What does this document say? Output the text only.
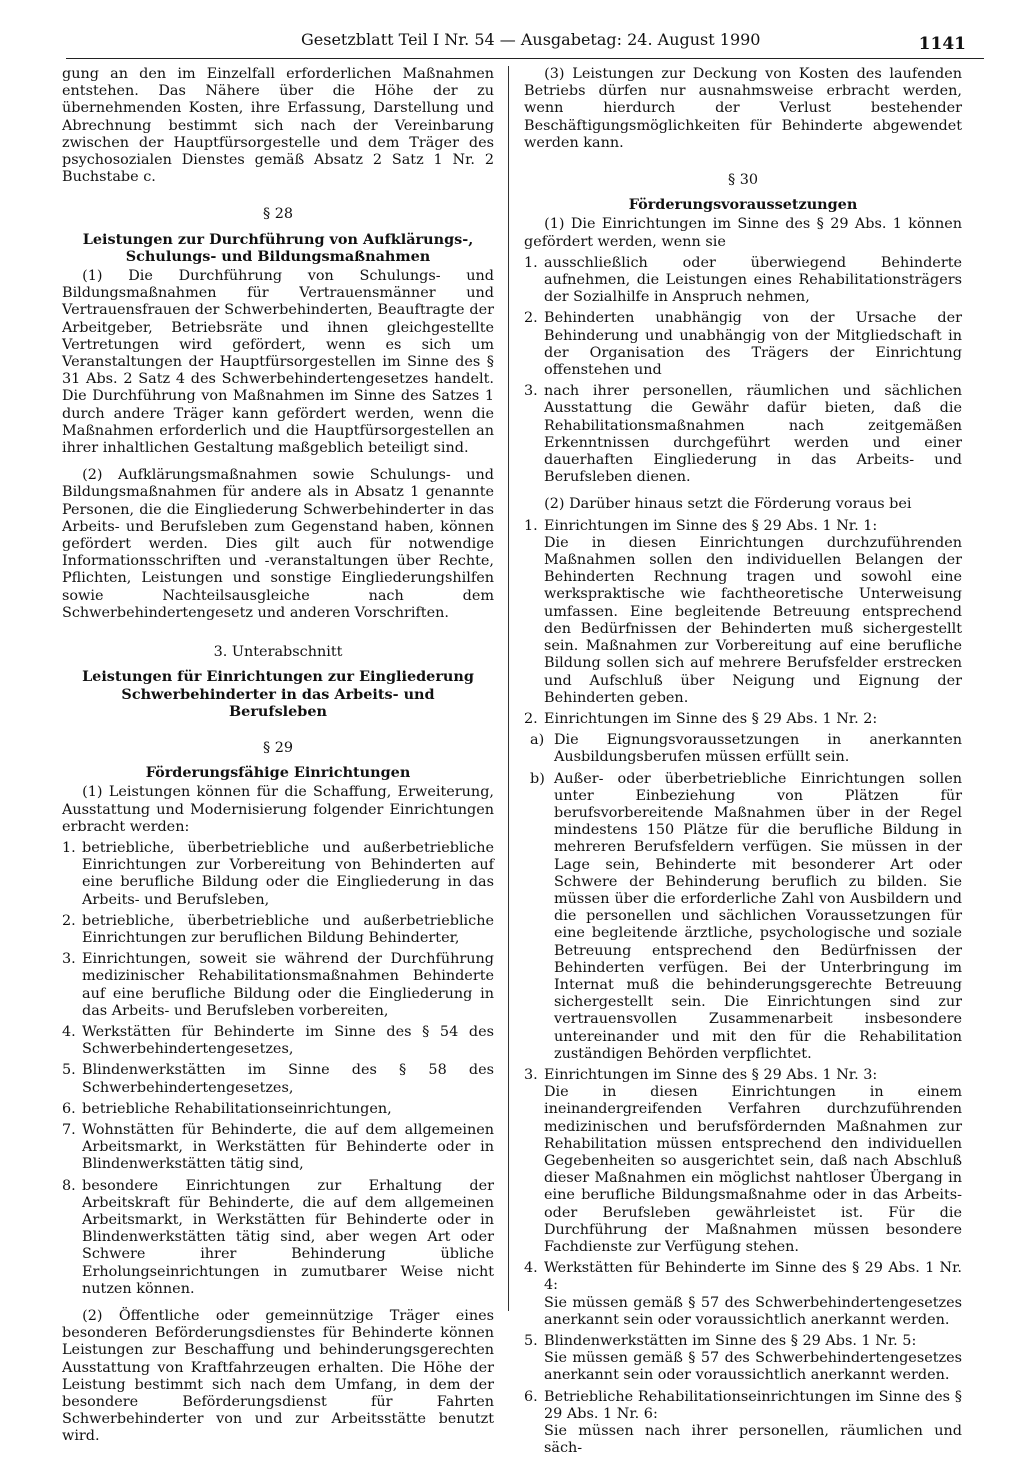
Gesetzblatt Teil I Nr. 54 — Ausgabetag: 24. August 1990	1141

gung an den im Einzelfall erforderlichen Maßnahmen entstehen. Das Nähere über die Höhe der zu übernehmenden Kosten, ihre Erfassung, Darstellung und Abrechnung bestimmt sich nach der Vereinbarung zwischen der Hauptfürsorgestelle und dem Träger des psychosozialen Dienstes gemäß Absatz 2 Satz 1 Nr. 2 Buchstabe c.

§ 28
Leistungen zur Durchführung von Aufklärungs-, Schulungs- und Bildungsmaßnahmen

(1) Die Durchführung von Schulungs- und Bildungsmaßnahmen für Vertrauensmänner und Vertrauensfrauen der Schwerbehinderten, Beauftragte der Arbeitgeber, Betriebsräte und ihnen gleichgestellte Vertretungen wird gefördert, wenn es sich um Veranstaltungen der Hauptfürsorgestellen im Sinne des § 31 Abs. 2 Satz 4 des Schwerbehindertengesetzes handelt. Die Durchführung von Maßnahmen im Sinne des Satzes 1 durch andere Träger kann gefördert werden, wenn die Maßnahmen erforderlich und die Hauptfürsorgestellen an ihrer inhaltlichen Gestaltung maßgeblich beteiligt sind.

(2) Aufklärungsmaßnahmen sowie Schulungs- und Bildungsmaßnahmen für andere als in Absatz 1 genannte Personen, die die Eingliederung Schwerbehinderter in das Arbeits- und Berufsleben zum Gegenstand haben, können gefördert werden. Dies gilt auch für notwendige Informationsschriften und -veranstaltungen über Rechte, Pflichten, Leistungen und sonstige Eingliederungshilfen sowie Nachteilsausgleiche nach dem Schwerbehindertengesetz und anderen Vorschriften.

3. Unterabschnitt
Leistungen für Einrichtungen zur Eingliederung Schwerbehinderter in das Arbeits- und Berufsleben
§ 29
Förderungsfähige Einrichtungen

(1) Leistungen können für die Schaffung, Erweiterung, Ausstattung und Modernisierung folgender Einrichtungen erbracht werden:

1. betriebliche, überbetriebliche und außerbetriebliche Einrichtungen zur Vorbereitung von Behinderten auf eine berufliche Bildung oder die Eingliederung in das Arbeits- und Berufsleben,
2. betriebliche, überbetriebliche und außerbetriebliche Einrichtungen zur beruflichen Bildung Behinderter,
3. Einrichtungen, soweit sie während der Durchführung medizinischer Rehabilitationsmaßnahmen Behinderte auf eine berufliche Bildung oder die Eingliederung in das Arbeits- und Berufsleben vorbereiten,
4. Werkstätten für Behinderte im Sinne des § 54 des Schwerbehindertengesetzes,
5. Blindenwerkstätten im Sinne des § 58 des Schwerbehindertengesetzes,
6. betriebliche Rehabilitationseinrichtungen,
7. Wohnstätten für Behinderte, die auf dem allgemeinen Arbeitsmarkt, in Werkstätten für Behinderte oder in Blindenwerkstätten tätig sind,
8. besondere Einrichtungen zur Erhaltung der Arbeitskraft für Behinderte, die auf dem allgemeinen Arbeitsmarkt, in Werkstätten für Behinderte oder in Blindenwerkstätten tätig sind, aber wegen Art oder Schwere ihrer Behinderung übliche Erholungseinrichtungen in zumutbarer Weise nicht nutzen können.

(2) Öffentliche oder gemeinnützige Träger eines besonderen Beförderungsdienstes für Behinderte können Leistungen zur Beschaffung und behinderungsgerechten Ausstattung von Kraftfahrzeugen erhalten. Die Höhe der Leistung bestimmt sich nach dem Umfang, in dem der besondere Beförderungsdienst für Fahrten Schwerbehinderter von und zur Arbeitsstätte benutzt wird.

(3) Leistungen zur Deckung von Kosten des laufenden Betriebs dürfen nur ausnahmsweise erbracht werden, wenn hierdurch der Verlust bestehender Beschäftigungsmöglichkeiten für Behinderte abgewendet werden kann.

§ 30
Förderungsvoraussetzungen

(1) Die Einrichtungen im Sinne des § 29 Abs. 1 können gefördert werden, wenn sie

1. ausschließlich oder überwiegend Behinderte aufnehmen, die Leistungen eines Rehabilitationsträgers der Sozialhilfe in Anspruch nehmen,
2. Behinderten unabhängig von der Ursache der Behinderung und unabhängig von der Mitgliedschaft in der Organisation des Trägers der Einrichtung offenstehen und
3. nach ihrer personellen, räumlichen und sächlichen Ausstattung die Gewähr dafür bieten, daß die Rehabilitationsmaßnahmen nach zeitgemäßen Erkenntnissen durchgeführt werden und einer dauerhaften Eingliederung in das Arbeits- und Berufsleben dienen.

(2) Darüber hinaus setzt die Förderung voraus bei

1. Einrichtungen im Sinne des § 29 Abs. 1 Nr. 1:
Die in diesen Einrichtungen durchzuführenden Maßnahmen sollen den individuellen Belangen der Behinderten Rechnung tragen und sowohl eine werkspraktische wie fachtheoretische Unterweisung umfassen. Eine begleitende Betreuung entsprechend den Bedürfnissen der Behinderten muß sichergestellt sein. Maßnahmen zur Vorbereitung auf eine berufliche Bildung sollen sich auf mehrere Berufsfelder erstrecken und Aufschluß über Neigung und Eignung der Behinderten geben.
2. Einrichtungen im Sinne des § 29 Abs. 1 Nr. 2:
a) Die Eignungsvoraussetzungen in anerkannten Ausbildungsberufen müssen erfüllt sein.
b) Außer- oder überbetriebliche Einrichtungen sollen unter Einbeziehung von Plätzen für berufsvorbereitende Maßnahmen über in der Regel mindestens 150 Plätze für die berufliche Bildung in mehreren Berufsfeldern verfügen. Sie müssen in der Lage sein, Behinderte mit besonderer Art oder Schwere der Behinderung beruflich zu bilden. Sie müssen über die erforderliche Zahl von Ausbildern und die personellen und sächlichen Voraussetzungen für eine begleitende ärztliche, psychologische und soziale Betreuung entsprechend den Bedürfnissen der Behinderten verfügen. Bei der Unterbringung im Internat muß die behinderungsgerechte Betreuung sichergestellt sein. Die Einrichtungen sind zur vertrauensvollen Zusammenarbeit insbesondere untereinander und mit den für die Rehabilitation zuständigen Behörden verpflichtet.
3. Einrichtungen im Sinne des § 29 Abs. 1 Nr. 3:
Die in diesen Einrichtungen in einem ineinandergreifenden Verfahren durchzuführenden medizinischen und berufsfördernden Maßnahmen zur Rehabilitation müssen entsprechend den individuellen Gegebenheiten so ausgerichtet sein, daß nach Abschluß dieser Maßnahmen ein möglichst nahtloser Übergang in eine berufliche Bildungsmaßnahme oder in das Arbeits- oder Berufsleben gewährleistet ist. Für die Durchführung der Maßnahmen müssen besondere Fachdienste zur Verfügung stehen.
4. Werkstätten für Behinderte im Sinne des § 29 Abs. 1 Nr. 4:
Sie müssen gemäß § 57 des Schwerbehindertengesetzes anerkannt sein oder voraussichtlich anerkannt werden.
5. Blindenwerkstätten im Sinne des § 29 Abs. 1 Nr. 5:
Sie müssen gemäß § 57 des Schwerbehindertengesetzes anerkannt sein oder voraussichtlich anerkannt werden.
6. Betriebliche Rehabilitationseinrichtungen im Sinne des § 29 Abs. 1 Nr. 6:
Sie müssen nach ihrer personellen, räumlichen und säch-
